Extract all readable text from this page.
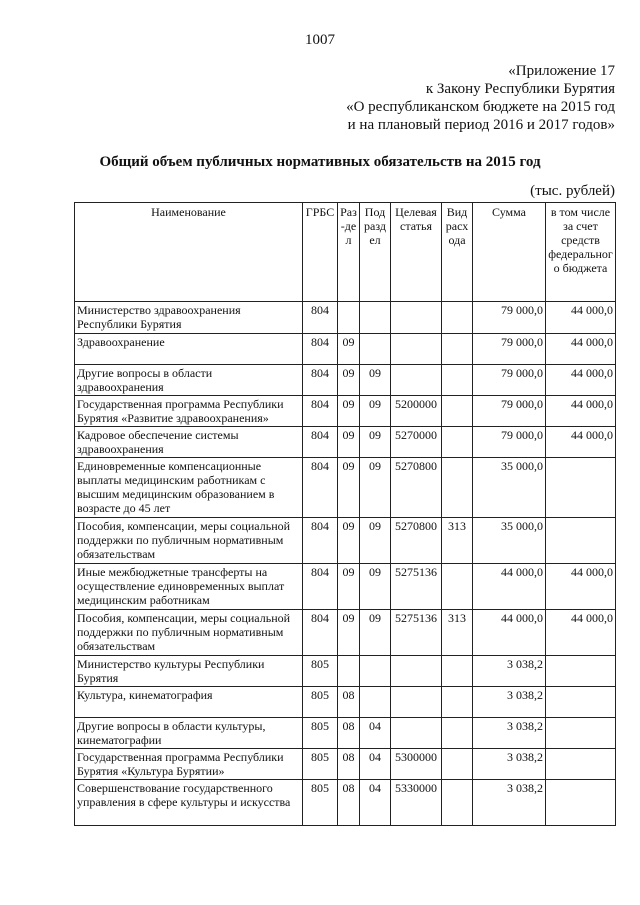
1007
«Приложение 17
к Закону Республики Бурятия
«О республиканском бюджете на 2015 год
и на плановый период 2016 и 2017 годов»
Общий объем публичных нормативных обязательств на 2015 год
(тыс. рублей)
Наименование	ГРБС	Раз-дел	Подраздел	Целевая статья	Вид расхода	Сумма	в том числе за счет средств федерального бюджета
Министерство здравоохранения Республики Бурятия	804					79 000,0	44 000,0
Здравоохранение	804	09				79 000,0	44 000,0
Другие вопросы в области здравоохранения	804	09	09			79 000,0	44 000,0
Государственная программа Республики Бурятия «Развитие здравоохранения»	804	09	09	5200000		79 000,0	44 000,0
Кадровое обеспечение системы здравоохранения	804	09	09	5270000		79 000,0	44 000,0
Единовременные компенсационные выплаты медицинским работникам с высшим медицинским образованием в возрасте до 45 лет	804	09	09	5270800		35 000,0	
Пособия, компенсации, меры социальной поддержки по публичным нормативным обязательствам	804	09	09	5270800	313	35 000,0	
Иные межбюджетные трансферты на осуществление единовременных выплат медицинским работникам	804	09	09	5275136		44 000,0	44 000,0
Пособия, компенсации, меры социальной поддержки по публичным нормативным обязательствам	804	09	09	5275136	313	44 000,0	44 000,0
Министерство культуры Республики Бурятия	805					3 038,2	
Культура, кинематография	805	08				3 038,2	
Другие вопросы в области культуры, кинематографии	805	08	04			3 038,2	
Государственная программа Республики Бурятия «Культура Бурятии»	805	08	04	5300000		3 038,2	
Совершенствование государственного управления в сфере культуры и искусства	805	08	04	5330000		3 038,2	
